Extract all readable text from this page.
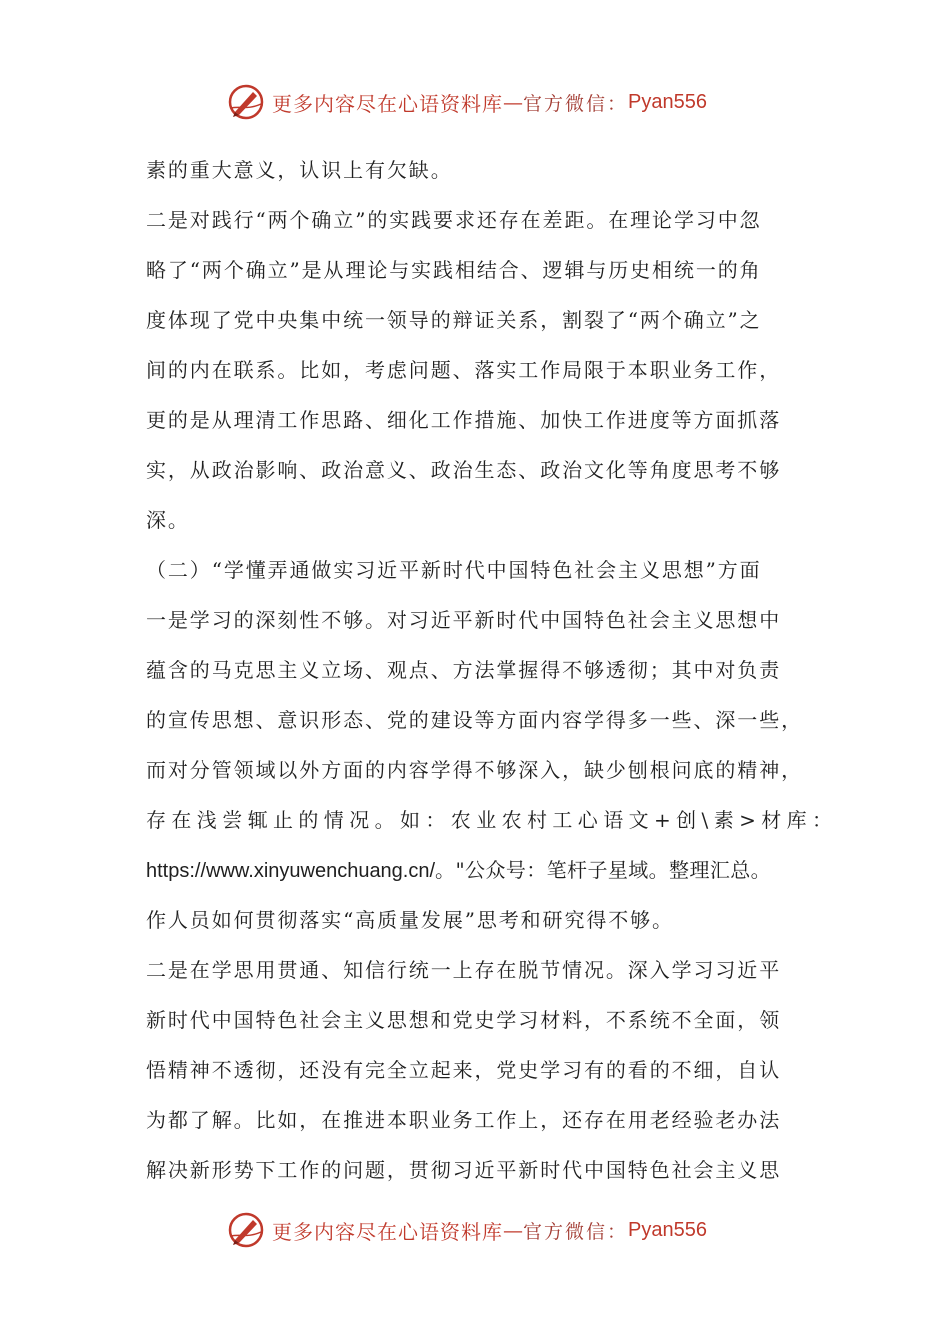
更多内容尽在心语资料库 — 官方微信： Pyan556
素的重大意义，认识上有欠缺。
二是对践行“两个确立”的实践要求还存在差距。在理论学习中忽
略了“两个确立”是从理论与实践相结合、逻辑与历史相统一的角
度体现了党中央集中统一领导的辩证关系，割裂了“两个确立”之
间的内在联系。比如，考虑问题、落实工作局限于本职业务工作，
更的是从理清工作思路、细化工作措施、加快工作进度等方面抓落
实，从政治影响、政治意义、政治生态、政治文化等角度思考不够
深。
（二）“学懂弄通做实习近平新时代中国特色社会主义思想”方面
一是学习的深刻性不够。对习近平新时代中国特色社会主义思想中
蕴含的马克思主义立场、观点、方法掌握得不够透彻；其中对负责
的宣传思想、意识形态、党的建设等方面内容学得多一些、深一些，
而对分管领域以外方面的内容学得不够深入，缺少刨根问底的精神，
存在浅尝辄止的情况。如：农业农村工心语文+创\素>材库：
https://www.xinyuwenchuang.cn/。"公众号：笔杆子星域。整理汇总。
作人员如何贯彻落实“高质量发展”思考和研究得不够。
二是在学思用贯通、知信行统一上存在脱节情况。深入学习习近平
新时代中国特色社会主义思想和党史学习材料，不系统不全面，领
悟精神不透彻，还没有完全立起来，党史学习有的看的不细，自认
为都了解。比如，在推进本职业务工作上，还存在用老经验老办法
解决新形势下工作的问题，贯彻习近平新时代中国特色社会主义思
更多内容尽在心语资料库 — 官方微信： Pyan556
